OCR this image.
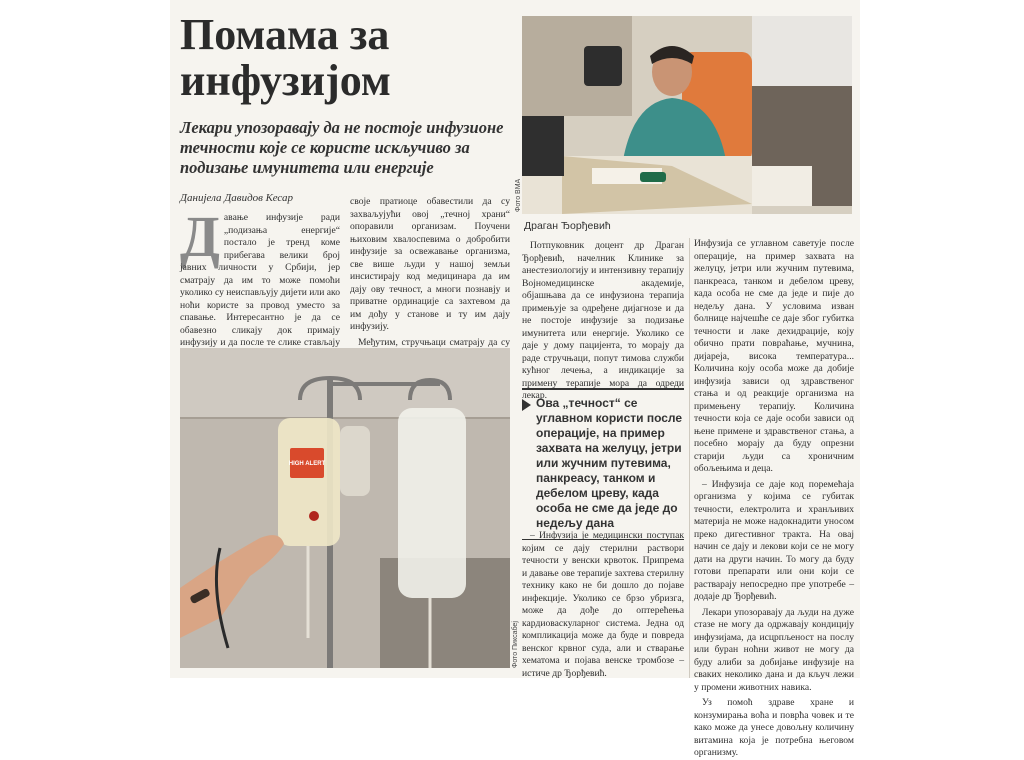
Помама за инфузијом

Лекари упозоравају да не постоје инфузионе течности које се користе искључиво за подизање имунитета или енергије

Данијела Давидов Кесар
Д авање инфузије ради „подизања енергије“ постало је тренд коме прибегава велики број јавних личности у Србији, јер сматрају да им то може помоћи уколико су неиспављују дијети или ако ноћи користе за провод уместо за спавање. Интересантно је да се обавезно сликају док примају инфузију и да после те слике стављају

своје пратиоце обавестили да су захваљујући овој „течној храни“ опоравили организам. Поучени њиховим хвалоспевима о добробити инфузије за освежавање организма, све више људи у нашој земљи инсистирају код медицинара да им дају ову течност, а многи познавју и приватне ординације са захтевом да им дођу у станове и ту им дају инфузију.

Међутим, стручњаци сматрају да су

Фото ВМА
Драган Ђорђевић

Потпуковник доцент др Драган Ђорђевић, начелник Клинике за анестезиологију и интензивну терапију Војномедицинске академије, објашњава да се инфузиона терапија примењује за одређене дијагнозе и да не постоје инфузије за подизање имунитета или енергије. Уколико се даје у дому пацијента, то морају да раде стручњаци, попут тимова служби кућног лечења, а индикације за примену терапије мора да одреди лекар.

Ова „течност“ се углавном користи после операције, на пример захвата на желуцу, јетри или жучним путевима, панкреасу, танком и дебелом цреву, када особа не сме да једе до недељу дана

– Инфузија је медицински поступак којим се дају стерилни раствори течности у венски крвоток. Припрема и давање ове терапије захтева стерилну технику како не би дошло до појаве инфекције. Уколико се брзо убризга, може да дође до оптерећења кардиоваскуларног система. Једна од компликација може да буде и повреда венског крвног суда, али и стварање хематома и појава венске тромбозе – истиче др Ђорђевић.

Инфузија се углавном саветује после операције, на пример захвата на желуцу, јетри или жучним путевима, панкреаса, танком и дебелом цреву, када особа не сме да једе и пије до недељу дана. У условима изван болнице најчешће се даје због губитка течности и лаке дехидрације, коју обично прати повраћање, мучнина, дијареја, висока температура... Количина коју особа може да добије инфузија зависи од здравственог стања и од реакције организма на примењену терапију. Количина течности која се даје особи зависи од њене примене и здравственог стања, а посебно морају да буду опрезни старији људи са хроничним обољењима и деца.

– Инфузија се даје код поремећаја организма у којима се губитак течности, електролита и хранљивих материја не може надокнадити уносом преко дигестивног тракта. На овај начин се дају и лекови који се не могу дати на други начин. То могу да буду готови препарати или они који се растварају непосредно пре употребе – додаје др Ђорђевић.

Лекари упозоравају да људи на дуже стазе не могу да одржавају кондицију инфузијама, да исцрпљеност на послу или буран ноћни живот не могу да буду алиби за добијање инфузије на сваких неколико дана и да кључ лежи у промени животних навика.

Уз помоћ здраве хране и конзумирања воћа и поврћа човек и те како може да унесе довољну количину витамина која је потребна његовом организму.

HIGH ALERT
Фото Пиксабеј
